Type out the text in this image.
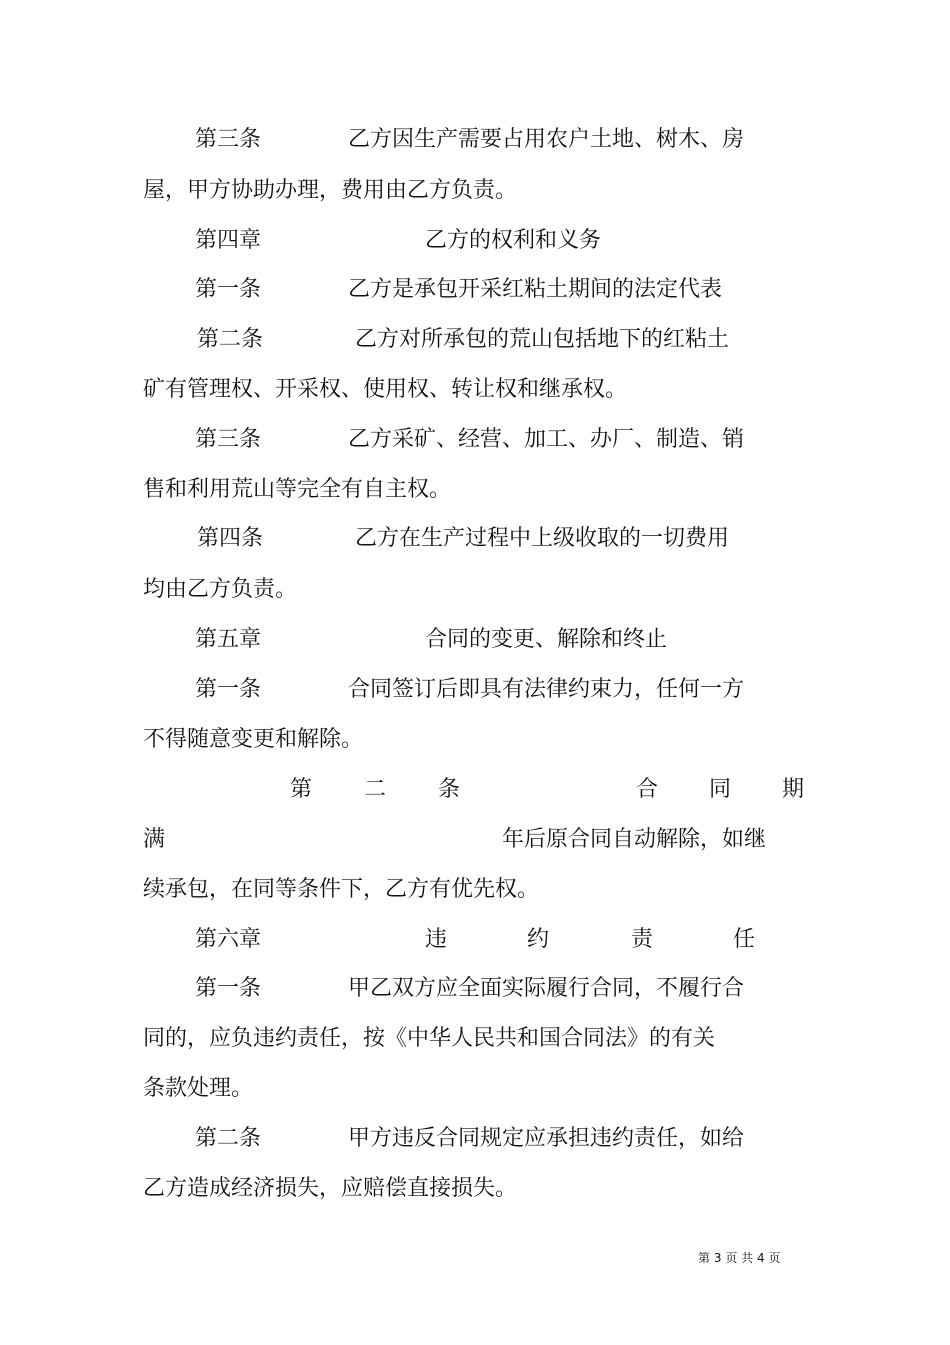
第三条	乙方因生产需要占用农户土地、树木、房
屋，甲方协助办理，费用由乙方负责。
第四章	乙方的权利和义务
第一条	乙方是承包开采红粘土期间的法定代表
第二条	乙方对所承包的荒山包括地下的红粘土
矿有管理权、开采权、使用权、转让权和继承权。
第三条	乙方采矿、经营、加工、办厂、制造、销
售和利用荒山等完全有自主权。
第四条	乙方在生产过程中上级收取的一切费用
均由乙方负责。
第五章	合同的变更、解除和终止
第一条	合同签订后即具有法律约束力，任何一方
不得随意变更和解除。
第 二 条	合 同 期
满	年后原合同自动解除，如继
续承包，在同等条件下，乙方有优先权。
第六章	违	约	责	任
第一条	甲乙双方应全面实际履行合同，不履行合
同的，应负违约责任，按《中华人民共和国合同法》的有关
条款处理。
第二条	甲方违反合同规定应承担违约责任，如给
乙方造成经济损失，应赔偿直接损失。
第 3 页 共 4 页
